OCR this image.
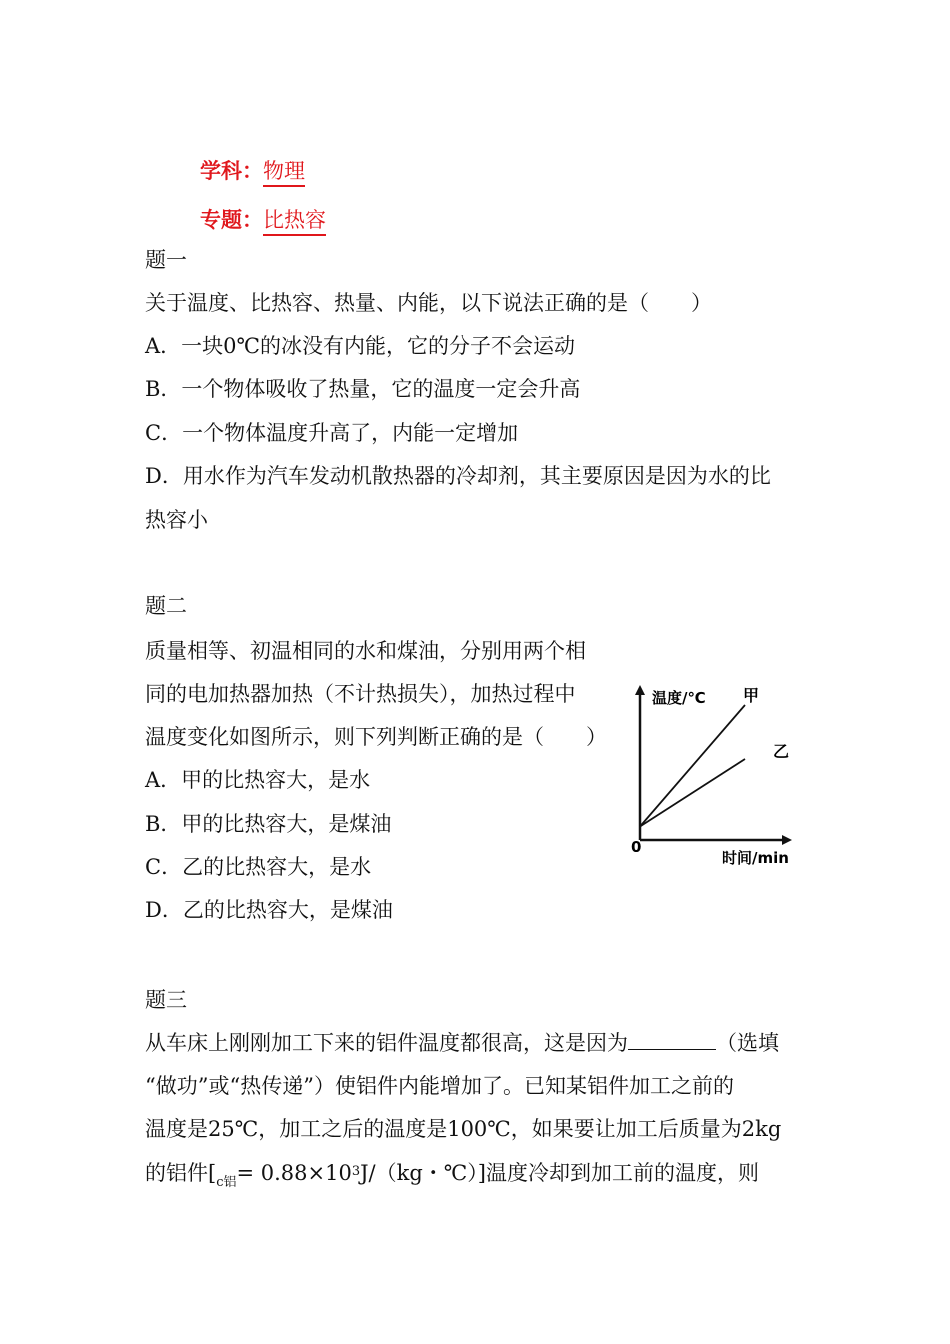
学科：物理
专题：比热容
题一
关于温度、比热容、热量、内能，以下说法正确的是（　　）
A．一块0℃的冰没有内能，它的分子不会运动
B．一个物体吸收了热量，它的温度一定会升高
C．一个物体温度升高了，内能一定增加
D．用水作为汽车发动机散热器的冷却剂，其主要原因是因为水的比
热容小
题二
质量相等、初温相同的水和煤油，分别用两个相
同的电加热器加热（不计热损失），加热过程中
温度变化如图所示，则下列判断正确的是（　　）
A．甲的比热容大，是水
B．甲的比热容大，是煤油
C．乙的比热容大，是水
D．乙的比热容大，是煤油
甲
乙
温度/℃
时间/min
0
题三
从车床上刚刚加工下来的铝件温度都很高，这是因为	（选填
“做功”或“热传递”）使铝件内能增加了。已知某铝件加工之前的
温度是25℃，加工之后的温度是100℃，如果要让加工后质量为2kg
的铝件[$_{c铝}= 0.88\times 10^3J/(kg$・℃）]温度冷却到加工前的温度，则
